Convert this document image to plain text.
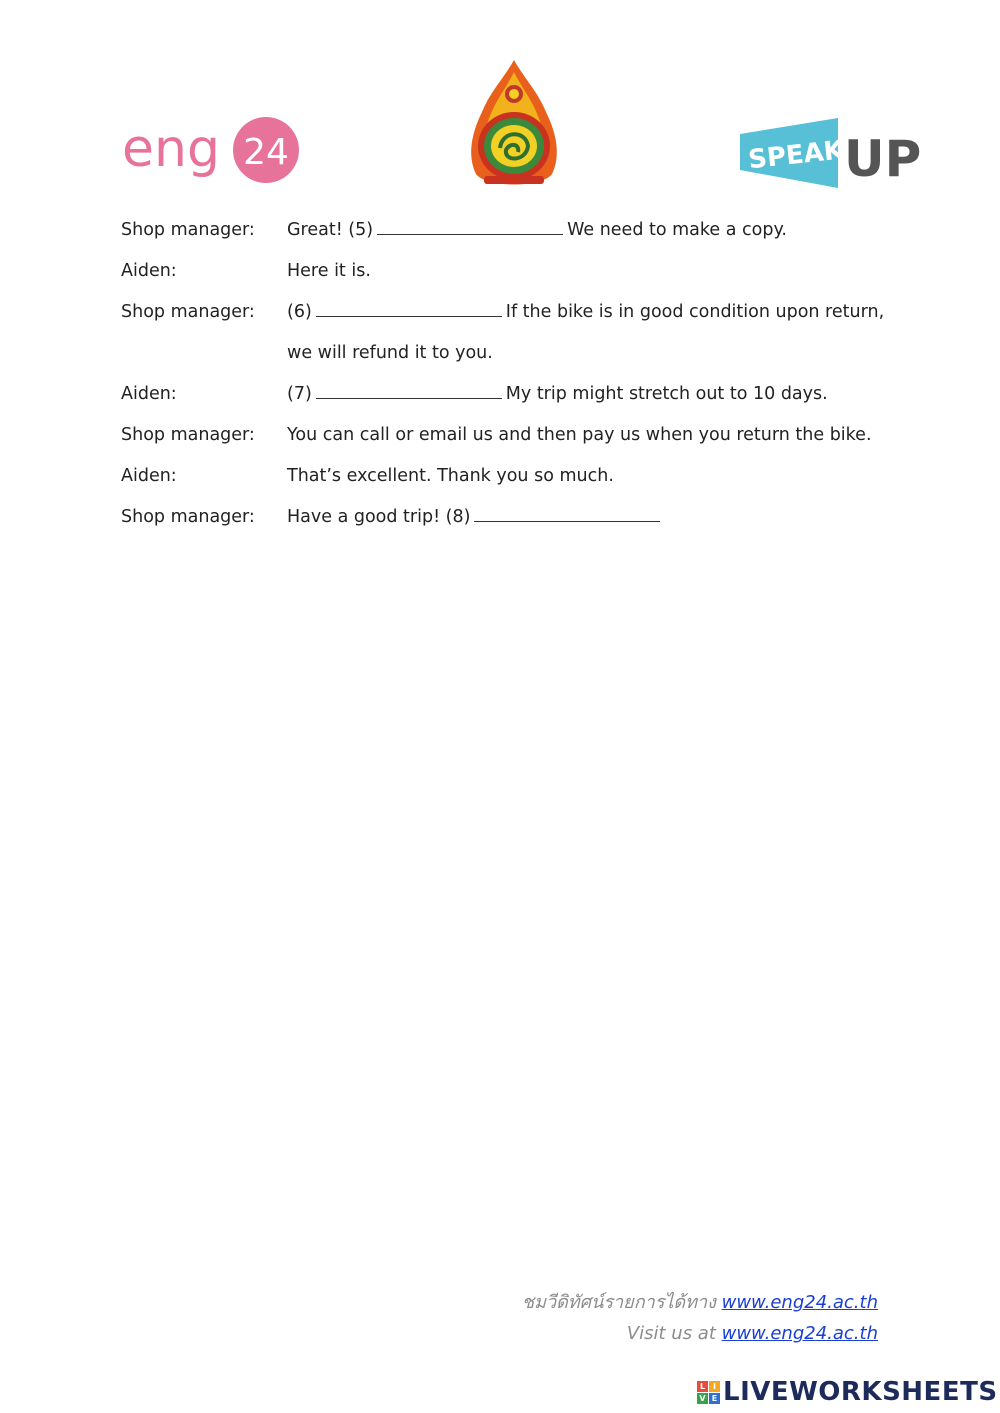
eng 24	SPEAK
UP
Shop manager: Great! (5)	We need to make a copy.
Aiden:	Here it is.
Shop manager: (6)	If the bike is in good condition upon return,
we will refund it to you.
Aiden:	(7)	My trip might stretch out to 10 days.
Shop manager: You can call or email us and then pay us when you return the bike.
Aiden:	That’s excellent. Thank you so much.
Shop manager: Have a good trip! (8)
ชมวีดิทัศน์รายการได้ทาง www.eng24.ac.th
Visit us at www.eng24.ac.th
L I
V E LIVEWORKSHEETS
